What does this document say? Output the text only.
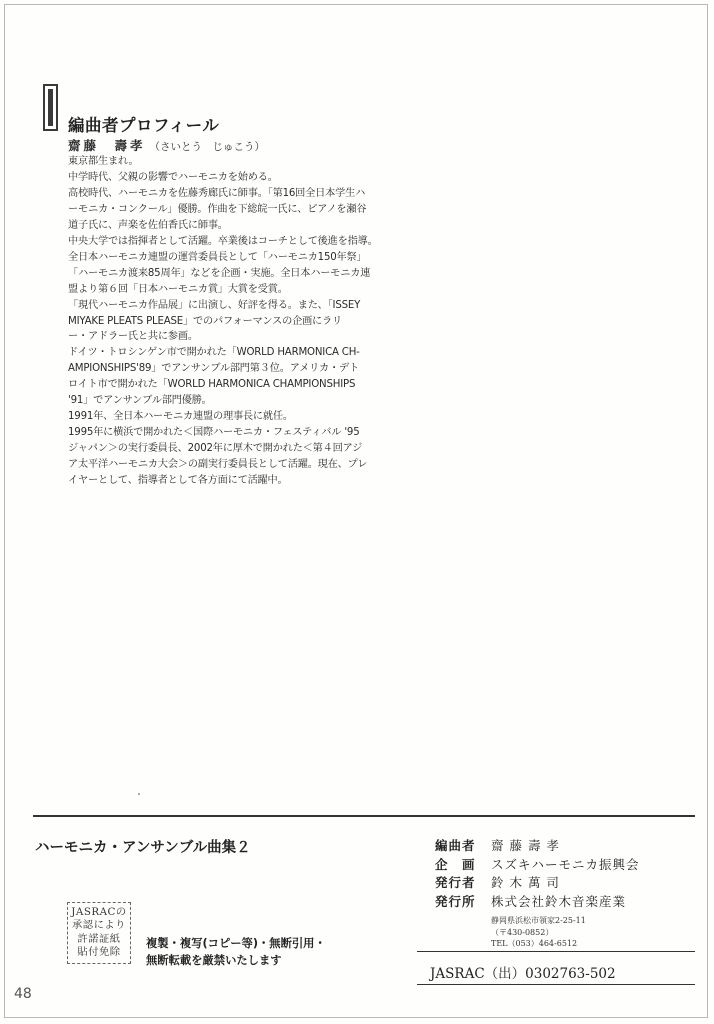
編曲者プロフィール
齋藤　壽孝 （さいとう　じゅこう）
東京都生まれ。
中学時代、父親の影響でハーモニカを始める。
高校時代、ハーモニカを佐藤秀廊氏に師事。「第16回全日本学生ハ
ーモニカ・コンクール」優勝。作曲を下総皖一氏に、ピアノを瀬谷
道子氏に、声楽を佐伯香氏に師事。
中央大学では指揮者として活躍。卒業後はコーチとして後進を指導。
全日本ハーモニカ連盟の運営委員長として「ハーモニカ150年祭」
「ハーモニカ渡来85周年」などを企画・実施。全日本ハーモニカ連
盟より第６回「日本ハーモニカ賞」大賞を受賞。
「現代ハーモニカ作品展」に出演し、好評を得る。また、「ISSEY
MIYAKE PLEATS PLEASE」でのパフォーマンスの企画にラリ
ー・アドラー氏と共に参画。
ドイツ・トロシンゲン市で開かれた「WORLD HARMONICA CH-
AMPIONSHIPS'89」でアンサンブル部門第３位。アメリカ・デト
ロイト市で開かれた「WORLD HARMONICA CHAMPIONSHIPS
'91」でアンサンブル部門優勝。
1991年、全日本ハーモニカ連盟の理事長に就任。
1995年に横浜で開かれた＜国際ハーモニカ・フェスティバル '95
ジャパン＞の実行委員長、2002年に厚木で開かれた＜第４回アジ
ア太平洋ハーモニカ大会＞の副実行委員長として活躍。現在、プレ
イヤーとして、指導者として各方面にて活躍中。
ハーモニカ・アンサンブル曲集２	編曲者 齋 藤 壽 孝
企　画 スズキハーモニカ振興会
発行者 鈴 木 萬 司
発行所 株式会社鈴木音楽産業
静岡県浜松市領家2-25-11
（〒430-0852）
TEL（053）464-6512
JASRACの
承認により
許諾証紙
貼付免除
複製・複写(コピー等)・無断引用・
無断転載を厳禁いたします
JASRAC（出）0302763-502
48
